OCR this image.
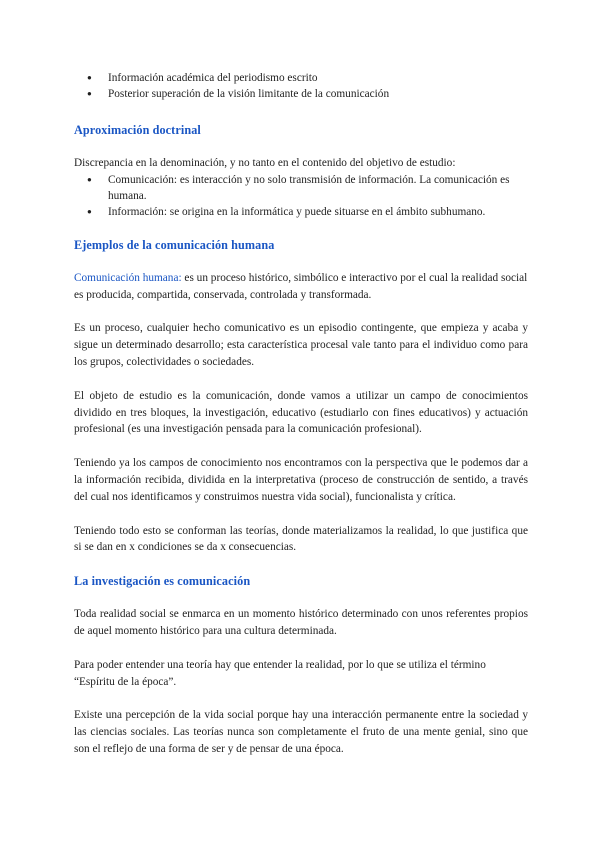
● Información académica del periodismo escrito
● Posterior superación de la visión limitante de la comunicación
Aproximación doctrinal

Discrepancia en la denominación, y no tanto en el contenido del objetivo de estudio:

● Comunicación: es interacción y no solo transmisión de información. La comunicación es humana.
● Información: se origina en la informática y puede situarse en el ámbito subhumano.
Ejemplos de la comunicación humana

Comunicación humana: es un proceso histórico, simbólico e interactivo por el cual la realidad social es producida, compartida, conservada, controlada y transformada.

Es un proceso, cualquier hecho comunicativo es un episodio contingente, que empieza y acaba y sigue un determinado desarrollo; esta característica procesal vale tanto para el individuo como para los grupos, colectividades o sociedades.

El objeto de estudio es la comunicación, donde vamos a utilizar un campo de conocimientos dividido en tres bloques, la investigación, educativo (estudiarlo con fines educativos) y actuación profesional (es una investigación pensada para la comunicación profesional).

Teniendo ya los campos de conocimiento nos encontramos con la perspectiva que le podemos dar a la información recibida, dividida en la interpretativa (proceso de construcción de sentido, a través del cual nos identificamos y construimos nuestra vida social), funcionalista y crítica.

Teniendo todo esto se conforman las teorías, donde materializamos la realidad, lo que justifica que si se dan en x condiciones se da x consecuencias.

La investigación es comunicación

Toda realidad social se enmarca en un momento histórico determinado con unos referentes propios de aquel momento histórico para una cultura determinada.

Para poder entender una teoría hay que entender la realidad, por lo que se utiliza el término “Espíritu de la época”.

Existe una percepción de la vida social porque hay una interacción permanente entre la sociedad y las ciencias sociales. Las teorías nunca son completamente el fruto de una mente genial, sino que son el reflejo de una forma de ser y de pensar de una época.
